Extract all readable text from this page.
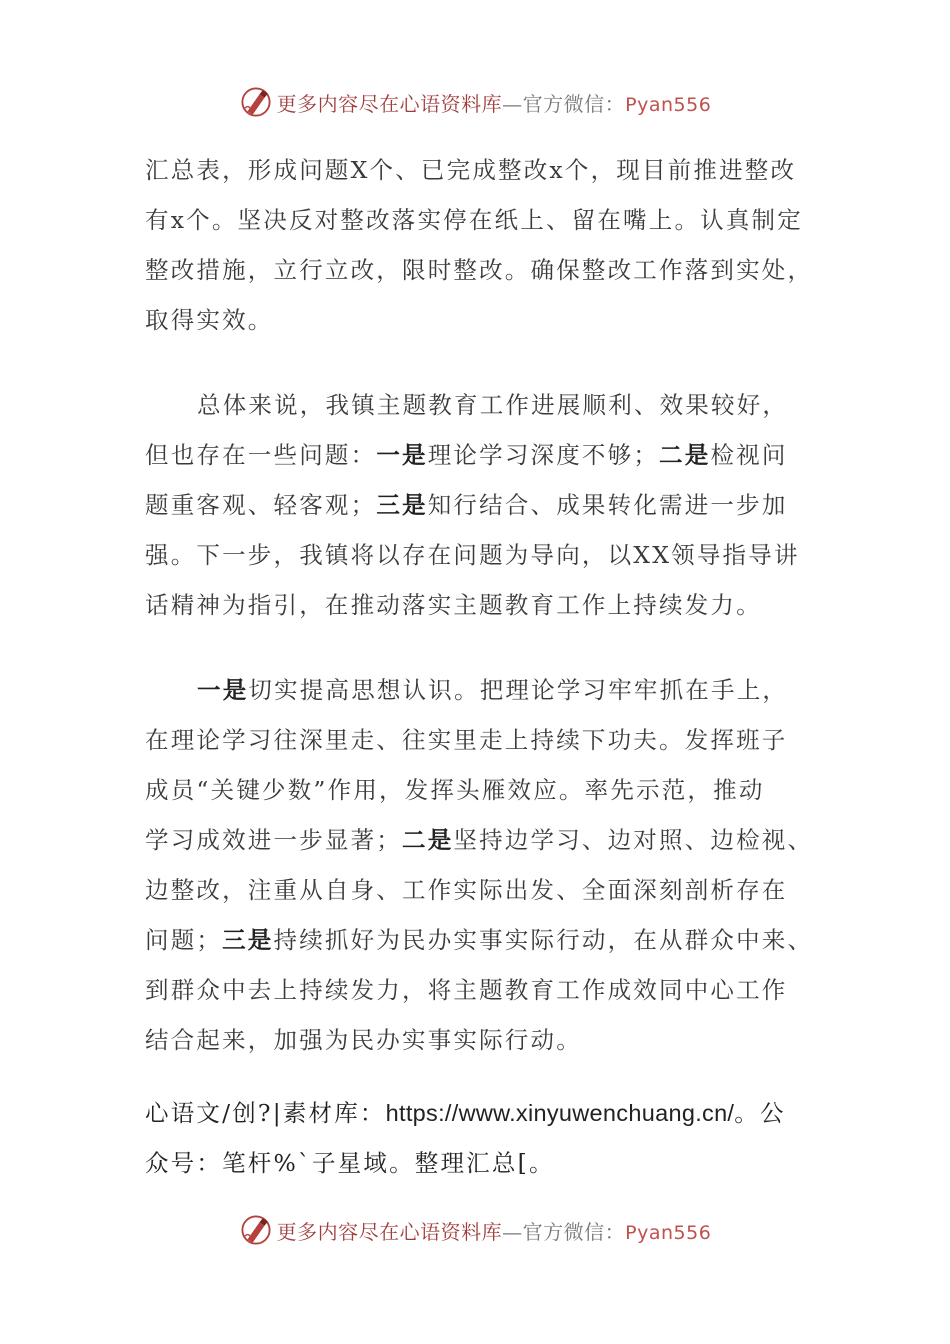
更多内容尽在心语资料库—官方微信：Pyan556

汇总表，形成问题X个、已完成整改x个，现目前推进整改
有x个。坚决反对整改落实停在纸上、留在嘴上。认真制定
整改措施，立行立改，限时整改。确保整改工作落到实处，
取得实效。

总体来说，我镇主题教育工作进展顺利、效果较好，
但也存在一些问题：一是理论学习深度不够；二是检视问
题重客观、轻客观；三是知行结合、成果转化需进一步加
强。下一步，我镇将以存在问题为导向，以XX领导指导讲
话精神为指引，在推动落实主题教育工作上持续发力。

一是切实提高思想认识。把理论学习牢牢抓在手上，
在理论学习往深里走、往实里走上持续下功夫。发挥班子
成员“关键少数”作用，发挥头雁效应。率先示范，推动
学习成效进一步显著；二是坚持边学习、边对照、边检视、
边整改，注重从自身、工作实际出发、全面深刻剖析存在
问题；三是持续抓好为民办实事实际行动，在从群众中来、
到群众中去上持续发力，将主题教育工作成效同中心工作
结合起来，加强为民办实事实际行动。

心语文/创?|素材库：https://www.xinyuwenchuang.cn/。公
众号：笔杆%`子星域。整理汇总[。

更多内容尽在心语资料库—官方微信：Pyan556
